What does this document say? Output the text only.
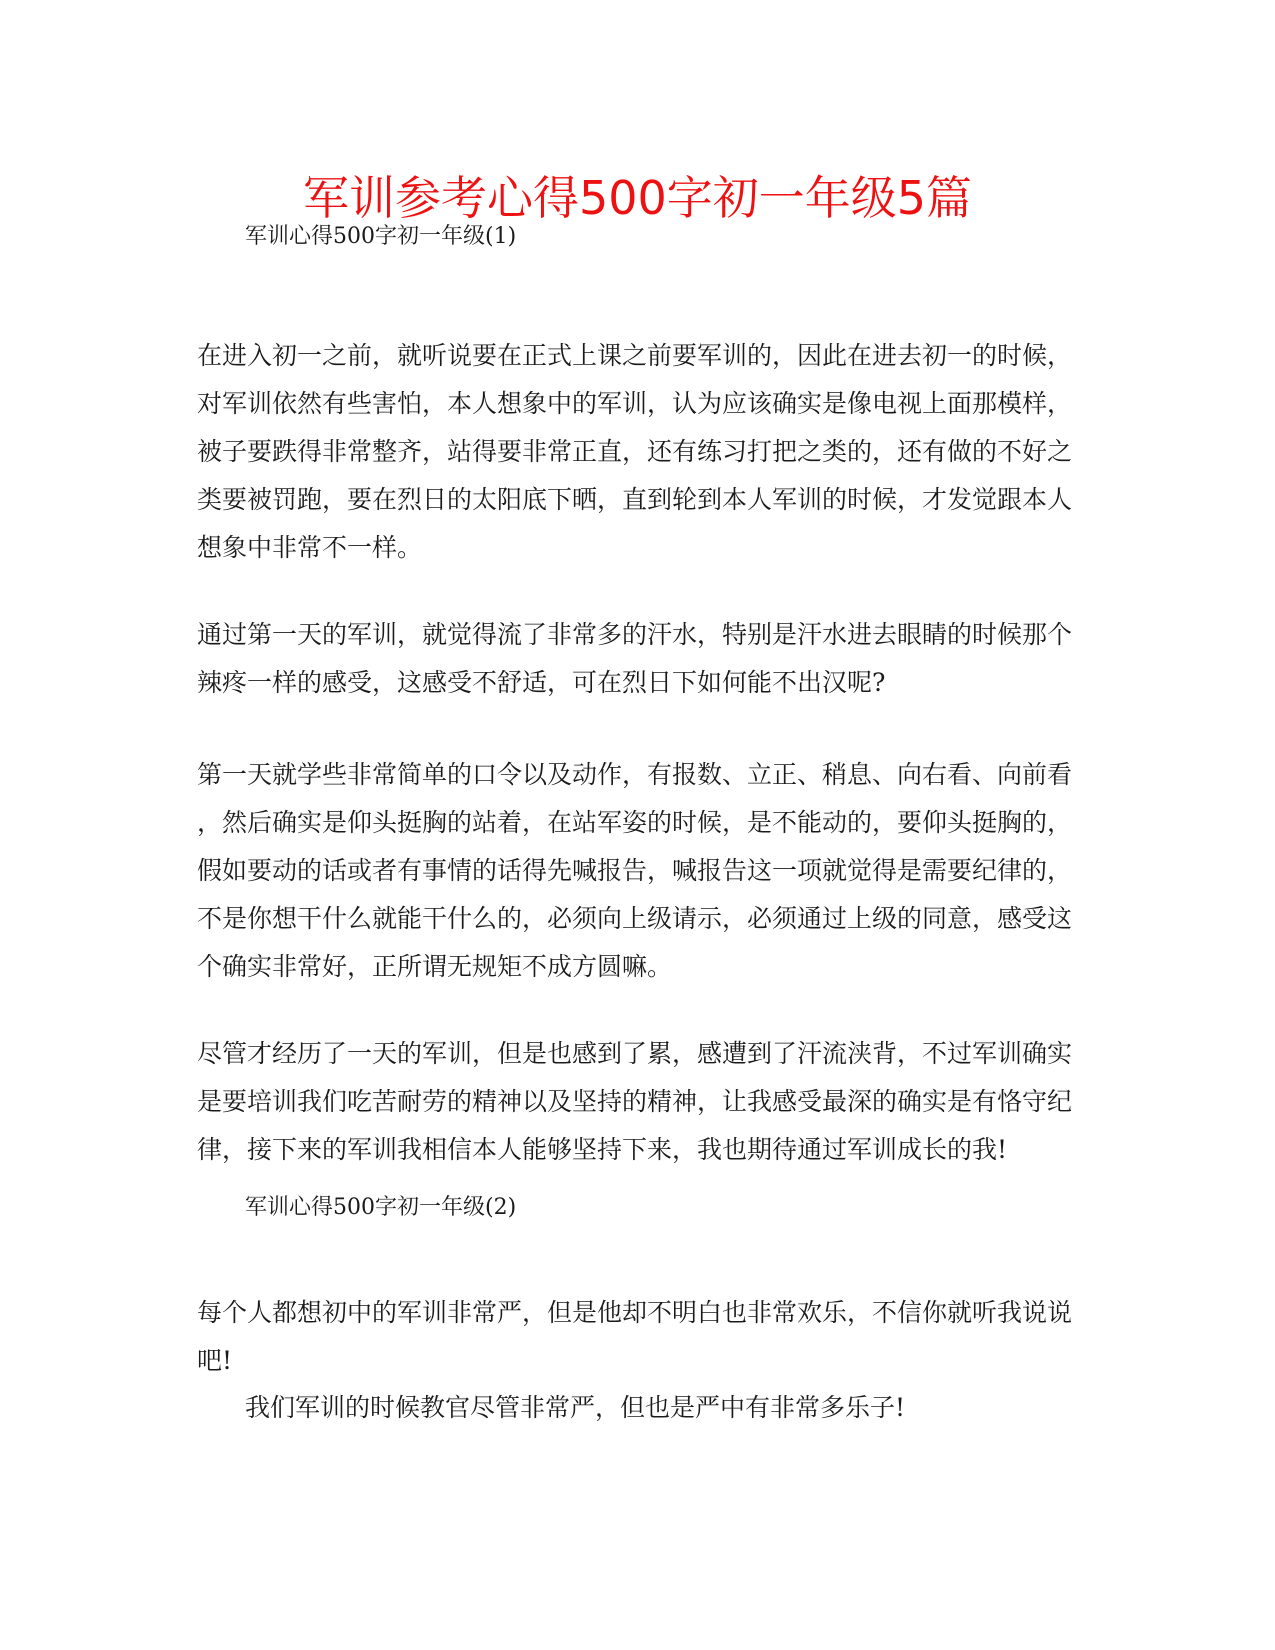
军训参考心得500字初一年级5篇
军训心得500字初一年级(1)
在进入初一之前，就听说要在正式上课之前要军训的，因此在进去初一的时候，
对军训依然有些害怕，本人想象中的军训，认为应该确实是像电视上面那模样，
被子要跌得非常整齐，站得要非常正直，还有练习打把之类的，还有做的不好之
类要被罚跑，要在烈日的太阳底下晒，直到轮到本人军训的时候，才发觉跟本人
想象中非常不一样。
通过第一天的军训，就觉得流了非常多的汗水，特别是汗水进去眼睛的时候那个
辣疼一样的感受，这感受不舒适，可在烈日下如何能不出汉呢?
第一天就学些非常简单的口令以及动作，有报数、立正、稍息、向右看、向前看
，然后确实是仰头挺胸的站着，在站军姿的时候，是不能动的，要仰头挺胸的，
假如要动的话或者有事情的话得先喊报告，喊报告这一项就觉得是需要纪律的，
不是你想干什么就能干什么的，必须向上级请示，必须通过上级的同意，感受这
个确实非常好，正所谓无规矩不成方圆嘛。
尽管才经历了一天的军训，但是也感到了累，感遭到了汗流浃背，不过军训确实
是要培训我们吃苦耐劳的精神以及坚持的精神，让我感受最深的确实是有恪守纪
律，接下来的军训我相信本人能够坚持下来，我也期待通过军训成长的我!
军训心得500字初一年级(2)
每个人都想初中的军训非常严，但是他却不明白也非常欢乐，不信你就听我说说
吧!
我们军训的时候教官尽管非常严，但也是严中有非常多乐子!
